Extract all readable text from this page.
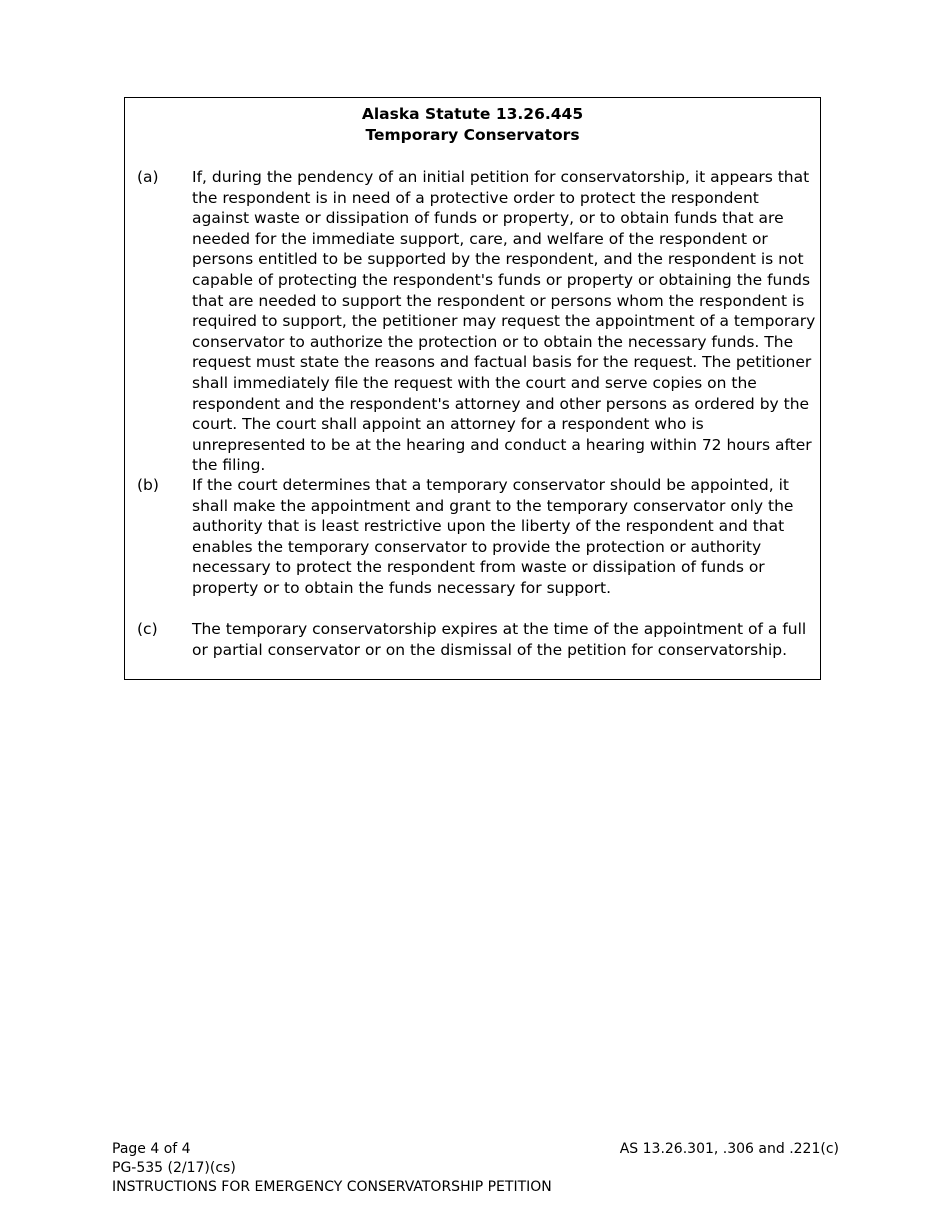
Alaska Statute 13.26.445
Temporary Conservators
(a) If, during the pendency of an initial petition for conservatorship, it appears that the respondent is in need of a protective order to protect the respondent against waste or dissipation of funds or property, or to obtain funds that are needed for the immediate support, care, and welfare of the respondent or persons entitled to be supported by the respondent, and the respondent is not capable of protecting the respondent's funds or property or obtaining the funds that are needed to support the respondent or persons whom the respondent is required to support, the petitioner may request the appointment of a temporary conservator to authorize the protection or to obtain the necessary funds. The request must state the reasons and factual basis for the request. The petitioner shall immediately file the request with the court and serve copies on the respondent and the respondent's attorney and other persons as ordered by the court. The court shall appoint an attorney for a respondent who is unrepresented to be at the hearing and conduct a hearing within 72 hours after the filing.
(b) If the court determines that a temporary conservator should be appointed, it shall make the appointment and grant to the temporary conservator only the authority that is least restrictive upon the liberty of the respondent and that enables the temporary conservator to provide the protection or authority necessary to protect the respondent from waste or dissipation of funds or property or to obtain the funds necessary for support.
(c) The temporary conservatorship expires at the time of the appointment of a full or partial conservator or on the dismissal of the petition for conservatorship.
Page 4 of 4
PG-535 (2/17)(cs)
INSTRUCTIONS FOR EMERGENCY CONSERVATORSHIP PETITION
AS 13.26.301, .306 and .221(c)
